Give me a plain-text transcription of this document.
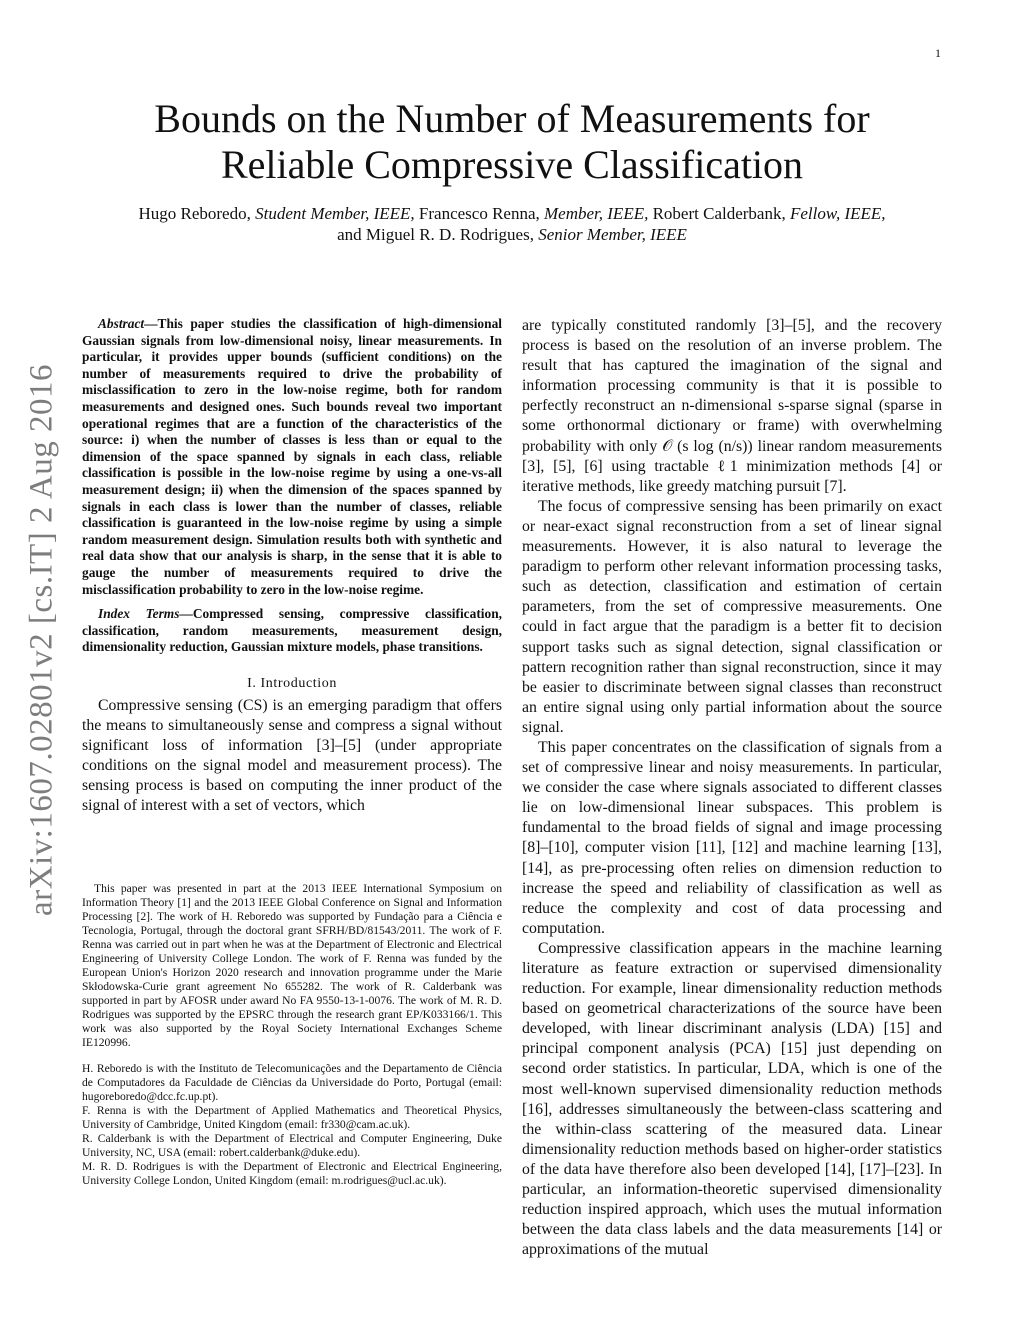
1
arXiv:1607.02801v2 [cs.IT] 2 Aug 2016
Bounds on the Number of Measurements for
Reliable Compressive Classification
Hugo Reboredo, Student Member, IEEE, Francesco Renna, Member, IEEE, Robert Calderbank, Fellow, IEEE,
and Miguel R. D. Rodrigues, Senior Member, IEEE

Abstract—This paper studies the classification of high-dimensional Gaussian signals from low-dimensional noisy, linear measurements. In particular, it provides upper bounds (sufficient conditions) on the number of measurements required to drive the probability of misclassification to zero in the low-noise regime, both for random measurements and designed ones. Such bounds reveal two important operational regimes that are a function of the characteristics of the source: i) when the number of classes is less than or equal to the dimension of the space spanned by signals in each class, reliable classification is possible in the low-noise regime by using a one-vs-all measurement design; ii) when the dimension of the spaces spanned by signals in each class is lower than the number of classes, reliable classification is guaranteed in the low-noise regime by using a simple random measurement design. Simulation results both with synthetic and real data show that our analysis is sharp, in the sense that it is able to gauge the number of measurements required to drive the misclassification probability to zero in the low-noise regime.

Index Terms—Compressed sensing, compressive classification, classification, random measurements, measurement design, dimensionality reduction, Gaussian mixture models, phase transitions.

I. Introduction

Compressive sensing (CS) is an emerging paradigm that offers the means to simultaneously sense and compress a signal without significant loss of information [3]–[5] (under appropriate conditions on the signal model and measurement process). The sensing process is based on computing the inner product of the signal of interest with a set of vectors, which

This paper was presented in part at the 2013 IEEE International Symposium on Information Theory [1] and the 2013 IEEE Global Conference on Signal and Information Processing [2]. The work of H. Reboredo was supported by Fundação para a Ciência e Tecnologia, Portugal, through the doctoral grant SFRH/BD/81543/2011. The work of F. Renna was carried out in part when he was at the Department of Electronic and Electrical Engineering of University College London. The work of F. Renna was funded by the European Union's Horizon 2020 research and innovation programme under the Marie Skłodowska-Curie grant agreement No 655282. The work of R. Calderbank was supported in part by AFOSR under award No FA 9550-13-1-0076. The work of M. R. D. Rodrigues was supported by the EPSRC through the research grant EP/K033166/1. This work was also supported by the Royal Society International Exchanges Scheme IE120996.

H. Reboredo is with the Instituto de Telecomunicações and the Departamento de Ciência de Computadores da Faculdade de Ciências da Universidade do Porto, Portugal (email: hugoreboredo@dcc.fc.up.pt).

F. Renna is with the Department of Applied Mathematics and Theoretical Physics, University of Cambridge, United Kingdom (email: fr330@cam.ac.uk).

R. Calderbank is with the Department of Electrical and Computer Engineering, Duke University, NC, USA (email: robert.calderbank@duke.edu).

M. R. D. Rodrigues is with the Department of Electronic and Electrical Engineering, University College London, United Kingdom (email: m.rodrigues@ucl.ac.uk).

are typically constituted randomly [3]–[5], and the recovery process is based on the resolution of an inverse problem. The result that has captured the imagination of the signal and information processing community is that it is possible to perfectly reconstruct an n-dimensional s-sparse signal (sparse in some orthonormal dictionary or frame) with overwhelming probability with only 𝒪 (s log (n/s)) linear random measurements [3], [5], [6] using tractable ℓ1 minimization methods [4] or iterative methods, like greedy matching pursuit [7].

The focus of compressive sensing has been primarily on exact or near-exact signal reconstruction from a set of linear signal measurements. However, it is also natural to leverage the paradigm to perform other relevant information processing tasks, such as detection, classification and estimation of certain parameters, from the set of compressive measurements. One could in fact argue that the paradigm is a better fit to decision support tasks such as signal detection, signal classification or pattern recognition rather than signal reconstruction, since it may be easier to discriminate between signal classes than reconstruct an entire signal using only partial information about the source signal.

This paper concentrates on the classification of signals from a set of compressive linear and noisy measurements. In particular, we consider the case where signals associated to different classes lie on low-dimensional linear subspaces. This problem is fundamental to the broad fields of signal and image processing [8]–[10], computer vision [11], [12] and machine learning [13], [14], as pre-processing often relies on dimension reduction to increase the speed and reliability of classification as well as reduce the complexity and cost of data processing and computation.

Compressive classification appears in the machine learning literature as feature extraction or supervised dimensionality reduction. For example, linear dimensionality reduction methods based on geometrical characterizations of the source have been developed, with linear discriminant analysis (LDA) [15] and principal component analysis (PCA) [15] just depending on second order statistics. In particular, LDA, which is one of the most well-known supervised dimensionality reduction methods [16], addresses simultaneously the between-class scattering and the within-class scattering of the measured data. Linear dimensionality reduction methods based on higher-order statistics of the data have therefore also been developed [14], [17]–[23]. In particular, an information-theoretic supervised dimensionality reduction inspired approach, which uses the mutual information between the data class labels and the data measurements [14] or approximations of the mutual
